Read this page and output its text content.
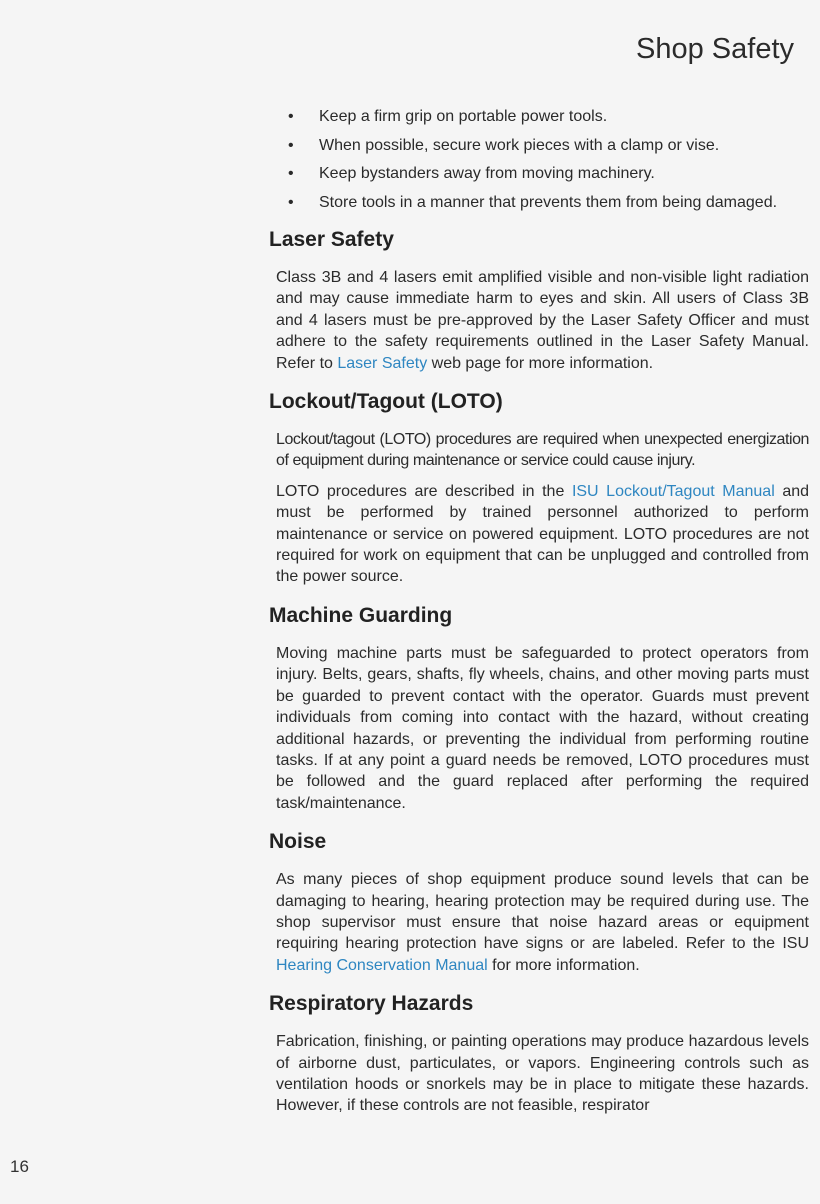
Shop Safety
• Keep a firm grip on portable power tools.
• When possible, secure work pieces with a clamp or vise.
• Keep bystanders away from moving machinery.
• Store tools in a manner that prevents them from being damaged.
Laser Safety

Class 3B and 4 lasers emit amplified visible and non-visible light radiation and may cause immediate harm to eyes and skin. All users of Class 3B and 4 lasers must be pre-approved by the Laser Safety Officer and must adhere to the safety requirements outlined in the Laser Safety Manual. Refer to Laser Safety web page for more information.

Lockout/Tagout (LOTO)

Lockout/tagout (LOTO) procedures are required when unexpected energization of equipment during maintenance or service could cause injury.

LOTO procedures are described in the ISU Lockout/Tagout Manual and must be performed by trained personnel authorized to perform maintenance or service on powered equipment. LOTO procedures are not required for work on equipment that can be unplugged and controlled from the power source.

Machine Guarding

Moving machine parts must be safeguarded to protect operators from injury. Belts, gears, shafts, fly wheels, chains, and other moving parts must be guarded to prevent contact with the operator. Guards must prevent individuals from coming into contact with the hazard, without creating additional hazards, or preventing the individual from performing routine tasks. If at any point a guard needs be removed, LOTO procedures must be followed and the guard replaced after performing the required task/maintenance.

Noise

As many pieces of shop equipment produce sound levels that can be damaging to hearing, hearing protection may be required during use. The shop supervisor must ensure that noise hazard areas or equipment requiring hearing protection have signs or are labeled. Refer to the ISU Hearing Conservation Manual for more information.

Respiratory Hazards

Fabrication, finishing, or painting operations may produce hazardous levels of airborne dust, particulates, or vapors. Engineering controls such as ventilation hoods or snorkels may be in place to mitigate these hazards. However, if these controls are not feasible, respirator

16
